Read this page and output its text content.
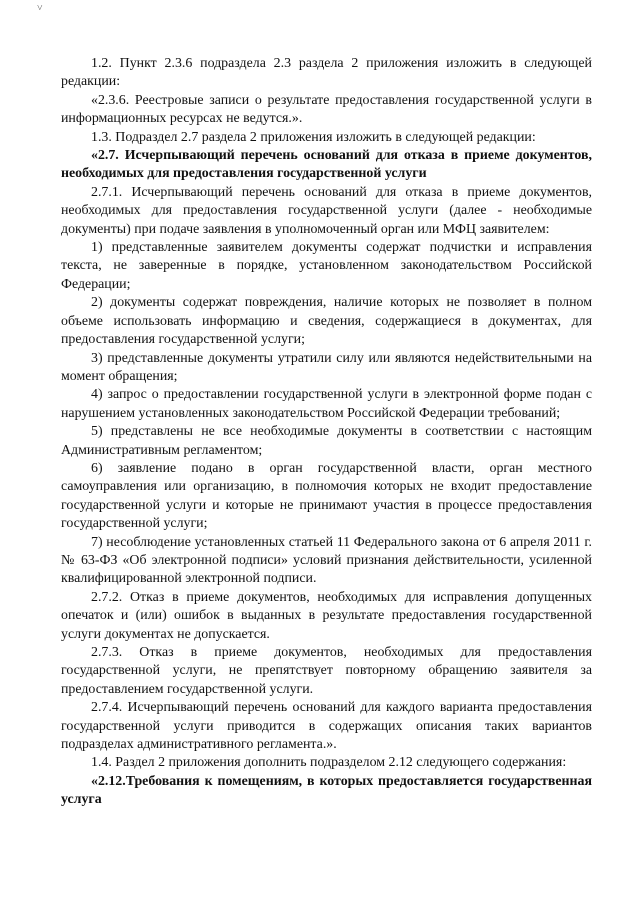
˅

1.2. Пункт 2.3.6 подраздела 2.3 раздела 2 приложения изложить в следующей редакции:

«2.3.6. Реестровые записи о результате предоставления государственной услуги в информационных ресурсах не ведутся.».

1.3. Подраздел 2.7 раздела 2 приложения изложить в следующей редакции:

«2.7. Исчерпывающий перечень оснований для отказа в приеме документов, необходимых для предоставления государственной услуги

2.7.1. Исчерпывающий перечень оснований для отказа в приеме документов, необходимых для предоставления государственной услуги (далее - необходимые документы) при подаче заявления в уполномоченный орган или МФЦ заявителем:

1) представленные заявителем документы содержат подчистки и исправления текста, не заверенные в порядке, установленном законодательством Российской Федерации;

2) документы содержат повреждения, наличие которых не позволяет в полном объеме использовать информацию и сведения, содержащиеся в документах, для предоставления государственной услуги;

3) представленные документы утратили силу или являются недействительными на момент обращения;

4) запрос о предоставлении государственной услуги в электронной форме подан с нарушением установленных законодательством Российской Федерации требований;

5) представлены не все необходимые документы в соответствии с настоящим Административным регламентом;

6) заявление подано в орган государственной власти, орган местного самоуправления или организацию, в полномочия которых не входит предоставление государственной услуги и которые не принимают участия в процессе предоставления государственной услуги;

7) несоблюдение установленных статьей 11 Федерального закона от 6 апреля 2011 г. № 63-ФЗ «Об электронной подписи» условий признания действительности, усиленной квалифицированной электронной подписи.

2.7.2. Отказ в приеме документов, необходимых для исправления допущенных опечаток и (или) ошибок в выданных в результате предоставления государственной услуги документах не допускается.

2.7.3. Отказ в приеме документов, необходимых для предоставления государственной услуги, не препятствует повторному обращению заявителя за предоставлением государственной услуги.

2.7.4. Исчерпывающий перечень оснований для каждого варианта предоставления государственной услуги приводится в содержащих описания таких вариантов подразделах административного регламента.».

1.4. Раздел 2 приложения дополнить подразделом 2.12 следующего содержания:

«2.12.Требования к помещениям, в которых предоставляется государственная услуга
